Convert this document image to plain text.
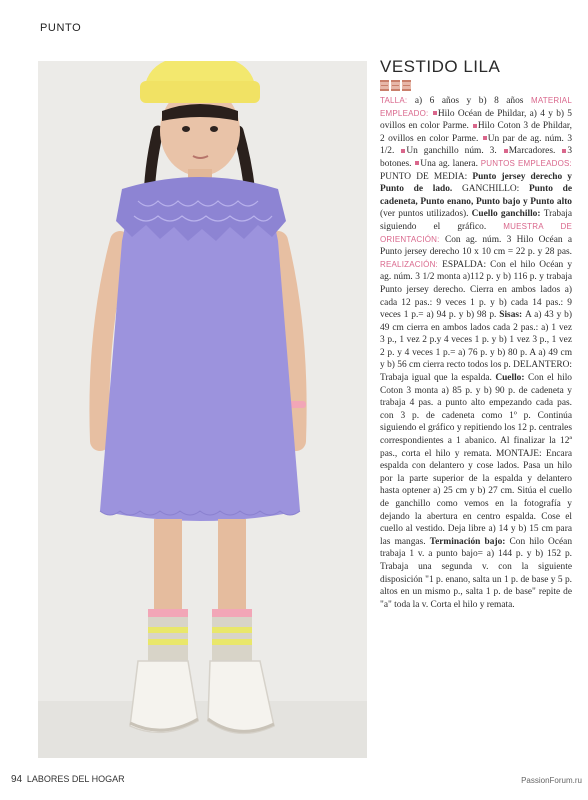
PUNTO
VESTIDO LILA
TALLA: a) 6 años y b) 8 años MATERIAL EMPLEADO: Hilo Océan de Phildar, a) 4 y b) 5 ovillos en color Parme. Hilo Coton 3 de Phildar, 2 ovillos en color Parme. Un par de ag. núm. 3 1/2. Un ganchillo núm. 3. Marcadores. 3 botones. Una ag. lanera. PUNTOS EMPLEADOS: PUNTO DE MEDIA: Punto jersey derecho y Punto de lado. GANCHILLO: Punto de cadeneta, Punto enano, Punto bajo y Punto alto (ver puntos utilizados). Cuello ganchillo: Trabaja siguiendo el gráfico. MUESTRA DE ORIENTACIÓN: Con ag. núm. 3 Hilo Océan a Punto jersey derecho 10 x 10 cm = 22 p. y 28 pas. REALIZACIÓN: ESPALDA: Con el hilo Océan y ag. núm. 3 1/2 monta a)112 p. y b) 116 p. y trabaja Punto jersey derecho. Cierra en ambos lados a) cada 12 pas.: 9 veces 1 p. y b) cada 14 pas.: 9 veces 1 p.= a) 94 p. y b) 98 p. Sisas: A a) 43 y b) 49 cm cierra en ambos lados cada 2 pas.: a) 1 vez 3 p., 1 vez 2 p.y 4 veces 1 p. y b) 1 vez 3 p., 1 vez 2 p. y 4 veces 1 p.= a) 76 p. y b) 80 p. A a) 49 cm y b) 56 cm cierra recto todos los p. DELANTERO: Trabaja igual que la espalda. Cuello: Con el hilo Coton 3 monta a) 85 p. y b) 90 p. de cadeneta y trabaja 4 pas. a punto alto empezando cada pas. con 3 p. de cadeneta como 1º p. Continúa siguiendo el gráfico y repitiendo los 12 p. centrales correspondientes a 1 abanico. Al finalizar la 12ª pas., corta el hilo y remata. MONTAJE: Encara espalda con delantero y cose lados. Pasa un hilo por la parte superior de la espalda y delantero hasta optener a) 25 cm y b) 27 cm. Sitúa el cuello de ganchillo como vemos en la fotografía y dejando la abertura en centro espalda. Cose el cuello al vestido. Deja libre a) 14 y b) 15 cm para las mangas. Terminación bajo: Con hilo Océan trabaja 1 v. a punto bajo= a) 144 p. y b) 152 p. Trabaja una segunda v. con la siguiente disposición "1 p. enano, salta un 1 p. de base y 5 p. altos en un mismo p., salta 1 p. de base" repite de "a" toda la v. Corta el hilo y remata.
94 LABORES DEL HOGAR	PassionForum.ru
